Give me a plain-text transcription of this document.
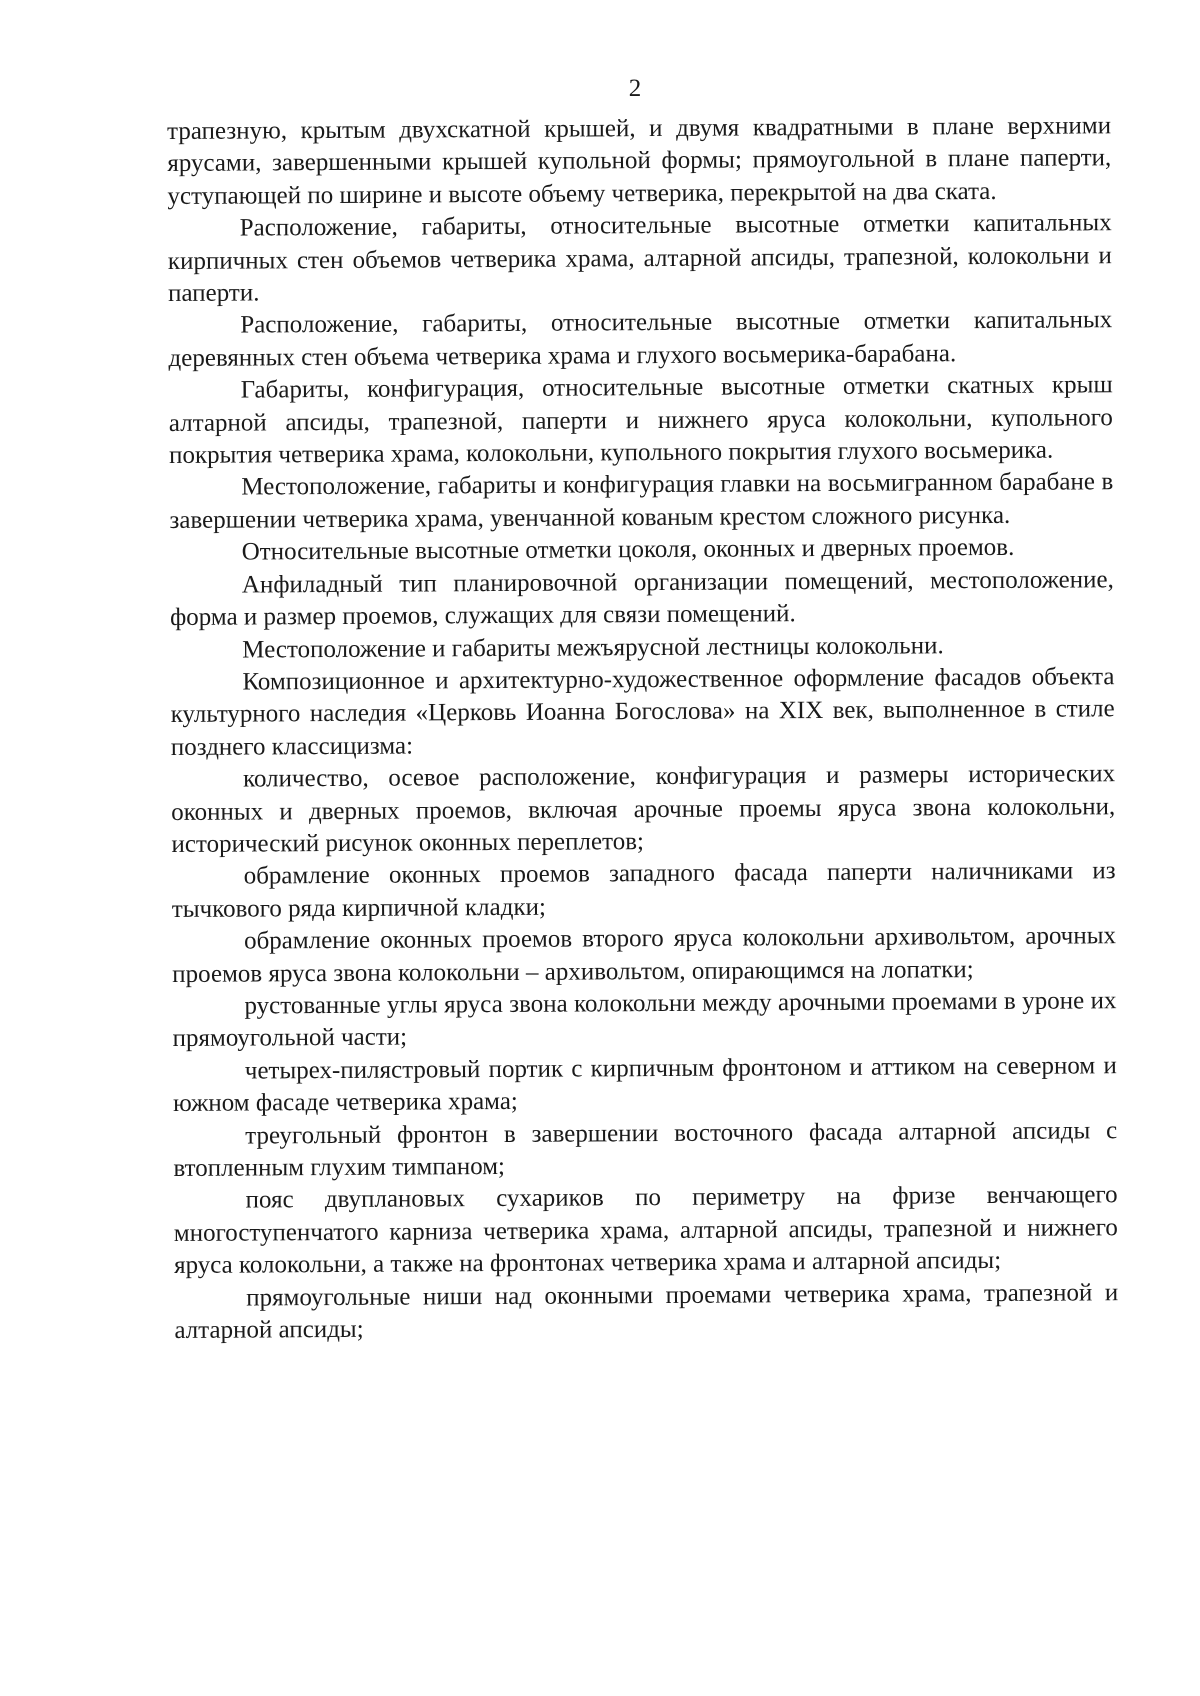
2

трапезную, крытым двухскатной крышей, и двумя квадратными в плане верхними ярусами, завершенными крышей купольной формы; прямоугольной в плане паперти, уступающей по ширине и высоте объему четверика, перекрытой на два ската.

Расположение, габариты, относительные высотные отметки капитальных кирпичных стен объемов четверика храма, алтарной апсиды, трапезной, колокольни и паперти.

Расположение, габариты, относительные высотные отметки капитальных деревянных стен объема четверика храма и глухого восьмерика-барабана.

Габариты, конфигурация, относительные высотные отметки скатных крыш алтарной апсиды, трапезной, паперти и нижнего яруса колокольни, купольного покрытия четверика храма, колокольни, купольного покрытия глухого восьмерика.

Местоположение, габариты и конфигурация главки на восьмигранном барабане в завершении четверика храма, увенчанной кованым крестом сложного рисунка.

Относительные высотные отметки цоколя, оконных и дверных проемов.

Анфиладный тип планировочной организации помещений, местоположение, форма и размер проемов, служащих для связи помещений.

Местоположение и габариты межъярусной лестницы колокольни.

Композиционное и архитектурно-художественное оформление фасадов объекта культурного наследия «Церковь Иоанна Богослова» на XIX век, выполненное в стиле позднего классицизма:

количество, осевое расположение, конфигурация и размеры исторических оконных и дверных проемов, включая арочные проемы яруса звона колокольни, исторический рисунок оконных переплетов;

обрамление оконных проемов западного фасада паперти наличниками из тычкового ряда кирпичной кладки;

обрамление оконных проемов второго яруса колокольни архивольтом, арочных проемов яруса звона колокольни – архивольтом, опирающимся на лопатки;

рустованные углы яруса звона колокольни между арочными проемами в уроне их прямоугольной части;

четырех-пилястровый портик с кирпичным фронтоном и аттиком на северном и южном фасаде четверика храма;

треугольный фронтон в завершении восточного фасада алтарной апсиды с втопленным глухим тимпаном;

пояс двуплановых сухариков по периметру на фризе венчающего многоступенчатого карниза четверика храма, алтарной апсиды, трапезной и нижнего яруса колокольни, а также на фронтонах четверика храма и алтарной апсиды;

прямоугольные ниши над оконными проемами четверика храма, трапезной и алтарной апсиды;
